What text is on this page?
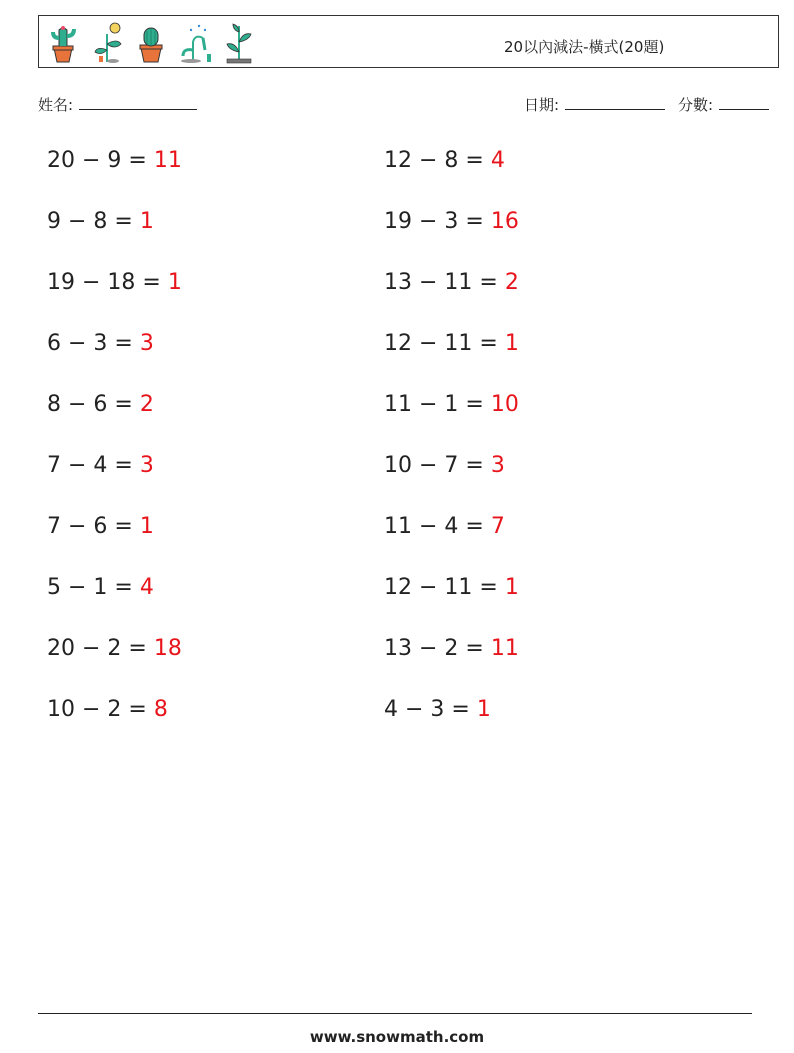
20以內減法-橫式(20題)
姓名:	日期:	分數:
20 − 9 = 11
9 − 8 = 1
19 − 18 = 1
6 − 3 = 3
8 − 6 = 2
7 − 4 = 3
7 − 6 = 1
5 − 1 = 4
20 − 2 = 18
10 − 2 = 8
12 − 8 = 4
19 − 3 = 16
13 − 11 = 2
12 − 11 = 1
11 − 1 = 10
10 − 7 = 3
11 − 4 = 7
12 − 11 = 1
13 − 2 = 11
4 − 3 = 1
www.snowmath.com
